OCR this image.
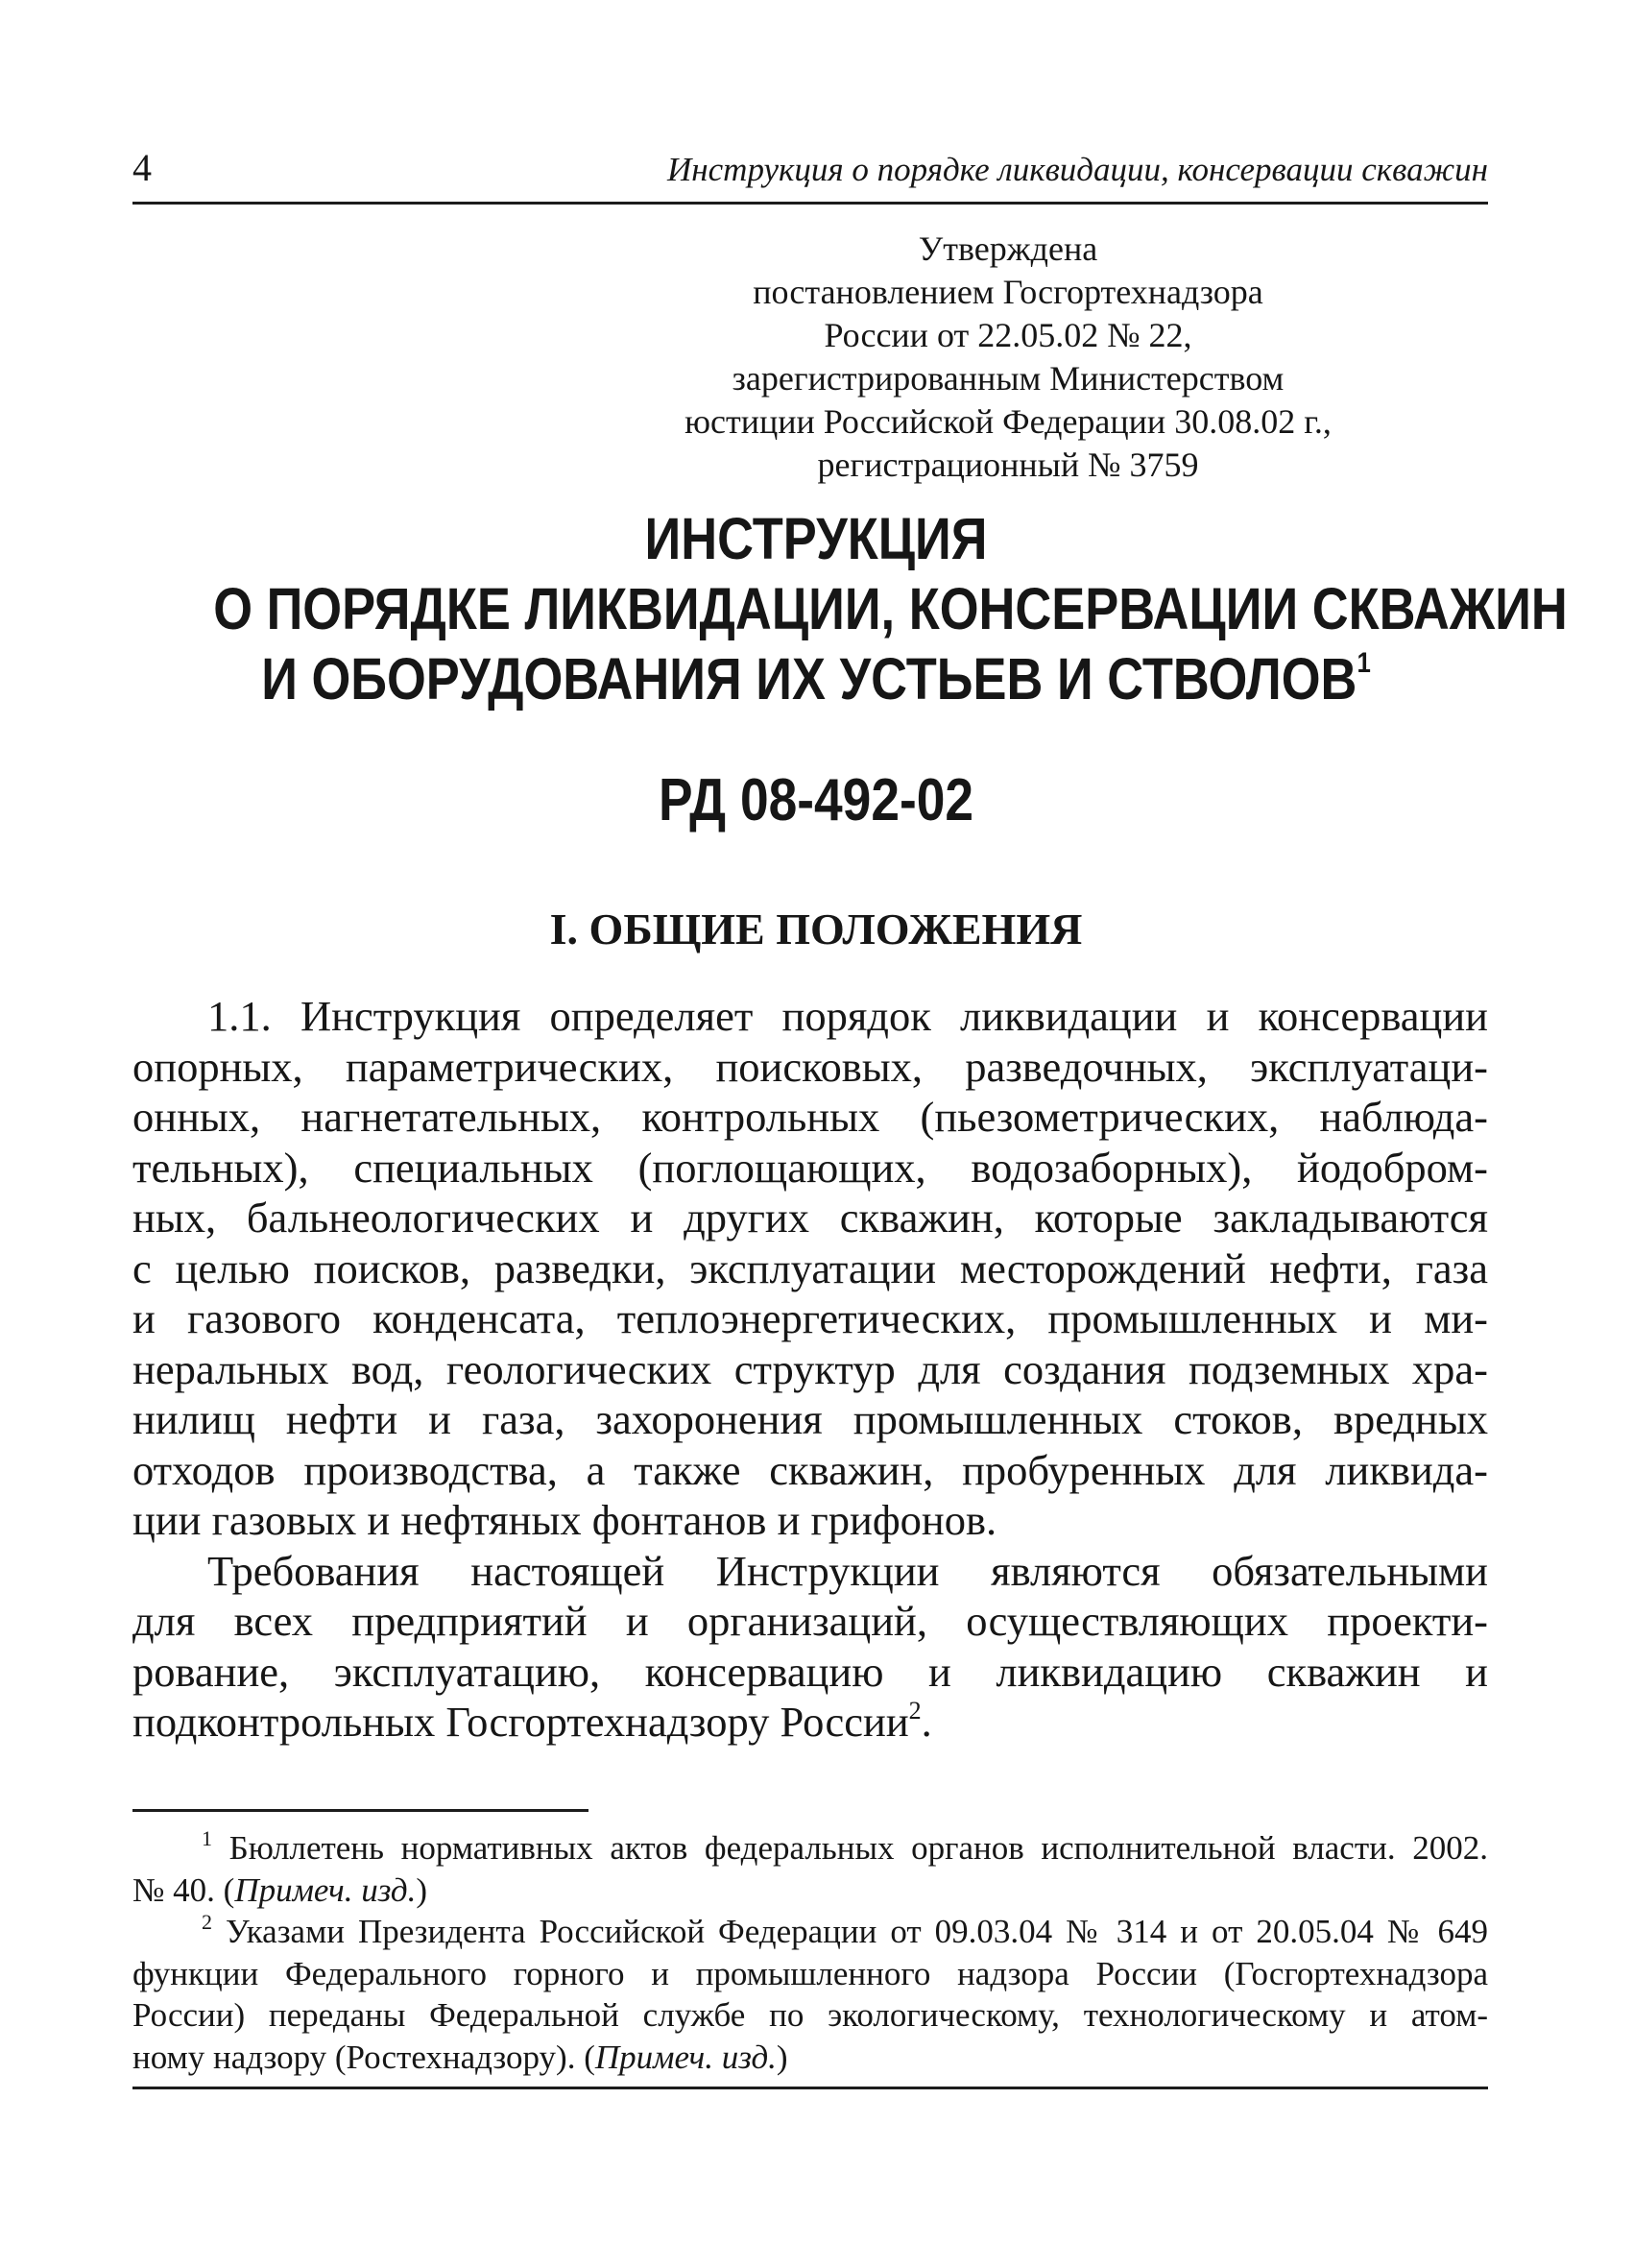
4	Инструкция о порядке ликвидации, консервации скважин
Утверждена
постановлением Госгортехнадзора
России от 22.05.02 № 22,
зарегистрированным Министерством
юстиции Российской Федерации 30.08.02 г.,
регистрационный № 3759
ИНСТРУКЦИЯ
О ПОРЯДКЕ ЛИКВИДАЦИИ, КОНСЕРВАЦИИ СКВАЖИН
И ОБОРУДОВАНИЯ ИХ УСТЬЕВ И СТВОЛОВ$^1$
РД 08-492-02
I. ОБЩИЕ ПОЛОЖЕНИЯ
1.1. Инструкция определяет порядок ликвидации и консервации
опорных, параметрических, поисковых, разведочных, эксплуатаци-
онных, нагнетательных, контрольных (пьезометрических, наблюда-
тельных), специальных (поглощающих, водозаборных), йодобром-
ных, бальнеологических и других скважин, которые закладываются
с целью поисков, разведки, эксплуатации месторождений нефти, газа
и газового конденсата, теплоэнергетических, промышленных и ми-
неральных вод, геологических структур для создания подземных хра-
нилищ нефти и газа, захоронения промышленных стоков, вредных
отходов производства, а также скважин, пробуренных для ликвида-
ции газовых и нефтяных фонтанов и грифонов.
Требования настоящей Инструкции являются обязательными
для всех предприятий и организаций, осуществляющих проекти-
рование, эксплуатацию, консервацию и ликвидацию скважин и
подконтрольных Госгортехнадзору России$^2$.
$^1$ Бюллетень нормативных актов федеральных органов исполнительной власти. 2002.
№ 40. (Примеч. изд.)
$^2$ Указами Президента Российской Федерации от 09.03.04 № 314 и от 20.05.04 № 649
функции Федерального горного и промышленного надзора России (Госгортехнадзора
России) переданы Федеральной службе по экологическому, технологическому и атом-
ному надзору (Ростехнадзору). (Примеч. изд.)
